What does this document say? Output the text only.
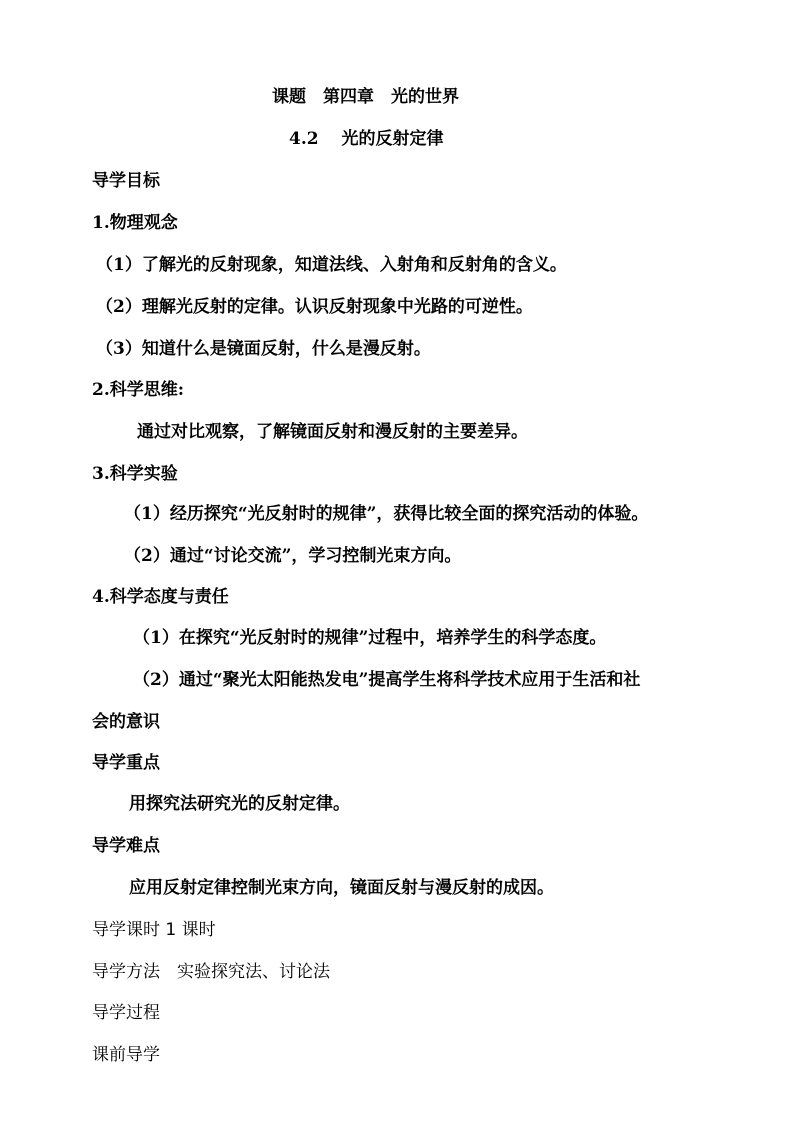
课题　第四章　光的世界
4.2　 光的反射定律
导学目标
1.物理观念
（1）了解光的反射现象，知道法线、入射角和反射角的含义。
（2）理解光反射的定律。认识反射现象中光路的可逆性。
（3）知道什么是镜面反射，什么是漫反射。
2.科学思维:
通过对比观察，了解镜面反射和漫反射的主要差异。
3.科学实验
（1）经历探究“光反射时的规律”，获得比较全面的探究活动的体验。
（2）通过“讨论交流”，学习控制光束方向。
4.科学态度与责任
（1）在探究“光反射时的规律”过程中，培养学生的科学态度。
（2）通过“聚光太阳能热发电”提高学生将科学技术应用于生活和社
会的意识
导学重点
用探究法研究光的反射定律。
导学难点
应用反射定律控制光束方向，镜面反射与漫反射的成因。
导学课时 1 课时
导学方法　实验探究法、讨论法
导学过程
课前导学
